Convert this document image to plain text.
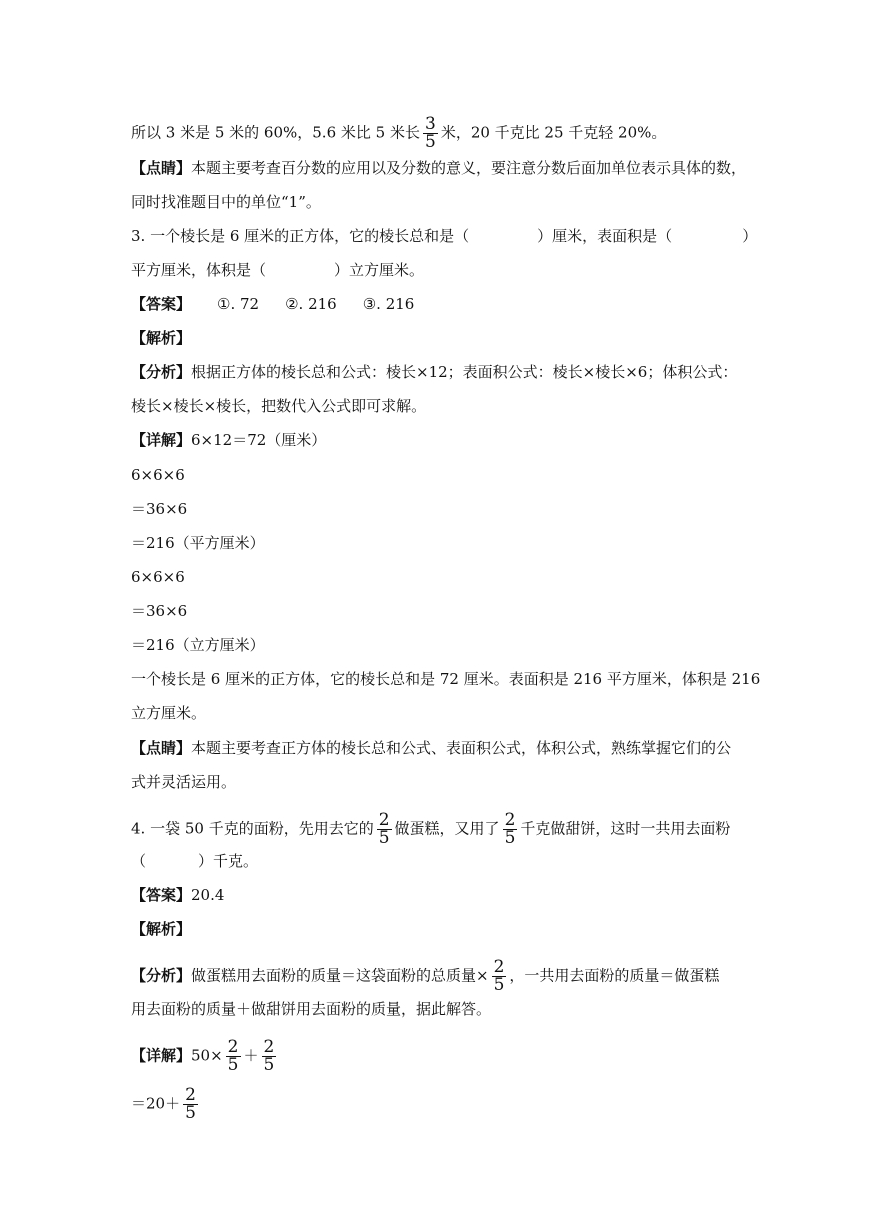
所以 3 米是 5 米的 60%，5.6 米比 5 米长 $\frac{3}{5}$ 米，20 千克比 25 千克轻 20%。
【点睛】本题主要考查百分数的应用以及分数的意义，要注意分数后面加单位表示具体的数，
同时找准题目中的单位“1”。
3. 一个棱长是 6 厘米的正方体，它的棱长总和是（	）厘米，表面积是（	）
平方厘米，体积是（	）立方厘米。
【答案】 ①. 72 ②. 216 ③. 216
【解析】
【分析】根据正方体的棱长总和公式：棱长×12；表面积公式：棱长×棱长×6；体积公式：
棱长×棱长×棱长，把数代入公式即可求解。
【详解】6×12＝72（厘米）
6×6×6
＝36×6
＝216（平方厘米）
6×6×6
＝36×6
＝216（立方厘米）
一个棱长是 6 厘米的正方体，它的棱长总和是 72 厘米。表面积是 216 平方厘米，体积是 216
立方厘米。
【点睛】本题主要考查正方体的棱长总和公式、表面积公式，体积公式，熟练掌握它们的公
式并灵活运用。
4. 一袋 50 千克的面粉，先用去它的 $\frac{2}{5}$ 做蛋糕，又用了 $\frac{2}{5}$ 千克做甜饼，这时一共用去面粉
（	）千克。
【答案】20.4
【解析】
【分析】做蛋糕用去面粉的质量＝这袋面粉的总质量× $\frac{2}{5}$ ，一共用去面粉的质量＝做蛋糕
用去面粉的质量＋做甜饼用去面粉的质量，据此解答。
【详解】$50\times \frac{2}{5} + \frac{2}{5}$
$=20+ \frac{2}{5}$
